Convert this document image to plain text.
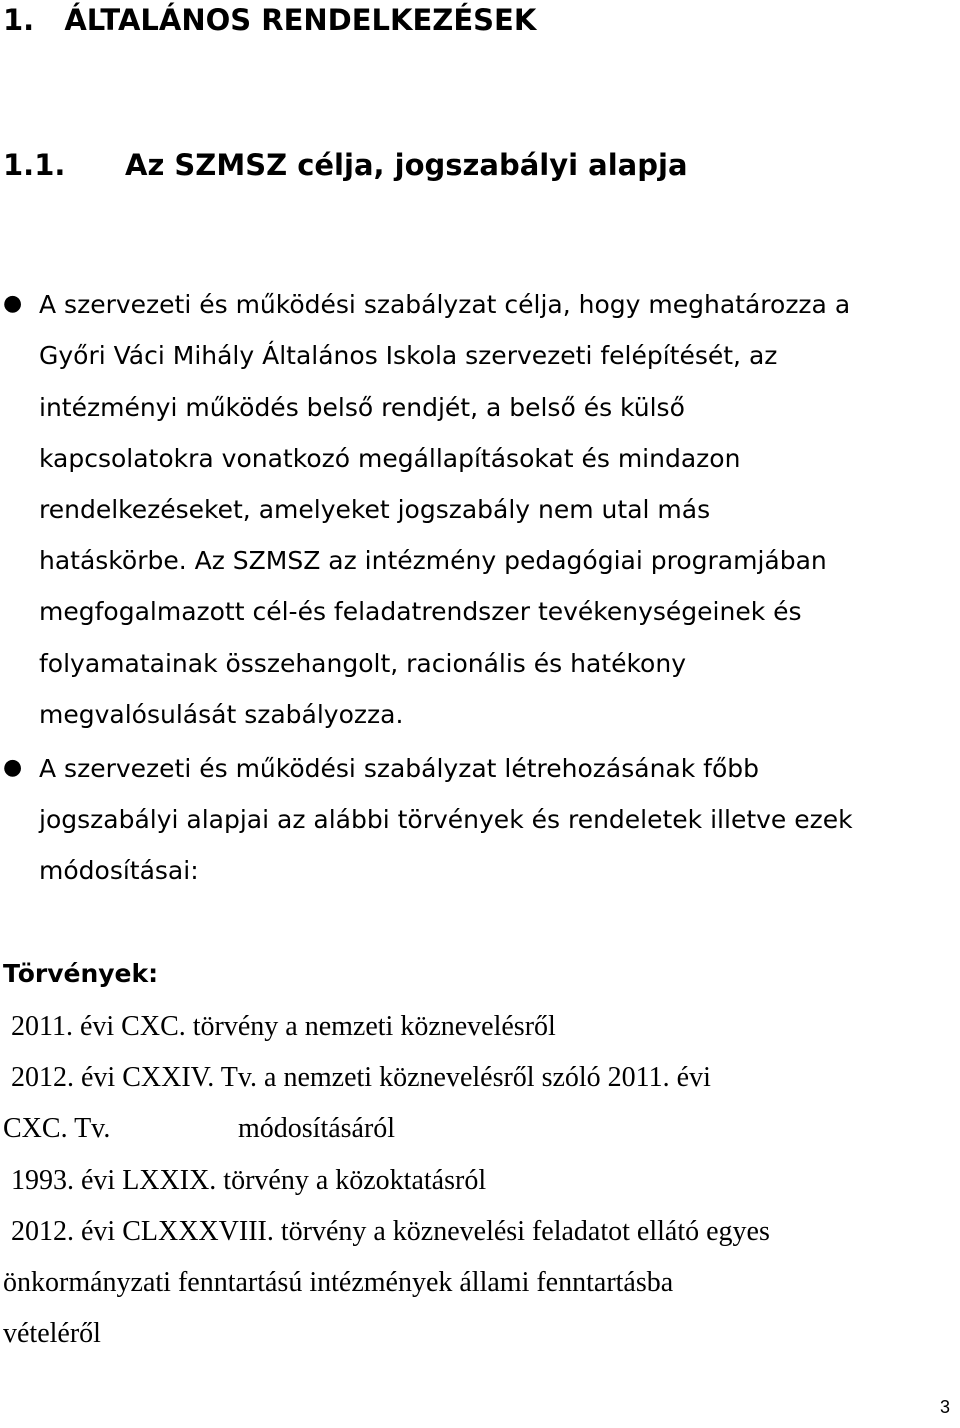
1. ÁLTALÁNOS RENDELKEZÉSEK
1.1. Az SZMSZ célja, jogszabályi alapja
● A szervezeti és működési szabályzat célja, hogy meghatározza a
Győri Váci Mihály Általános Iskola szervezeti felépítését, az
intézményi működés belső rendjét, a belső és külső
kapcsolatokra vonatkozó megállapításokat és mindazon
rendelkezéseket, amelyeket jogszabály nem utal más
hatáskörbe. Az SZMSZ az intézmény pedagógiai programjában
megfogalmazott cél-és feladatrendszer tevékenységeinek és
folyamatainak összehangolt, racionális és hatékony
megvalósulását szabályozza.
● A szervezeti és működési szabályzat létrehozásának főbb
jogszabályi alapjai az alábbi törvények és rendeletek illetve ezek
módosításai:
Törvények:
2011. évi CXC. törvény a nemzeti köznevelésről
2012. évi CXXIV. Tv. a nemzeti köznevelésről szóló 2011. évi
CXC. Tv.	módosításáról
1993. évi LXXIX. törvény a közoktatásról
2012. évi CLXXXVIII. törvény a köznevelési feladatot ellátó egyes
önkormányzati fenntartású intézmények állami fenntartásba
vételéről
3
